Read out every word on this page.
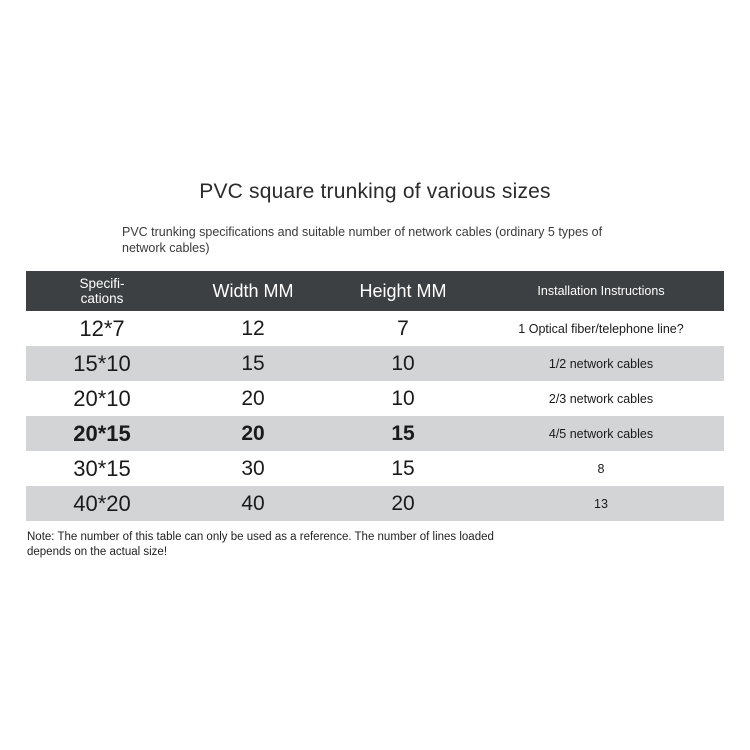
PVC square trunking of various sizes
PVC trunking specifications and suitable number of network cables (ordinary 5 types of network cables)
Specifi-
cations	Width MM	Height MM	Installation Instructions

12*7	12	7	1 Optical fiber/telephone line?
15*10	15	10	1/2 network cables
20*10	20	10	2/3 network cables
20*15	20	15	4/5 network cables
30*15	30	15	8
40*20	40	20	13
Note: The number of this table can only be used as a reference. The number of lines loaded depends on the actual size!
